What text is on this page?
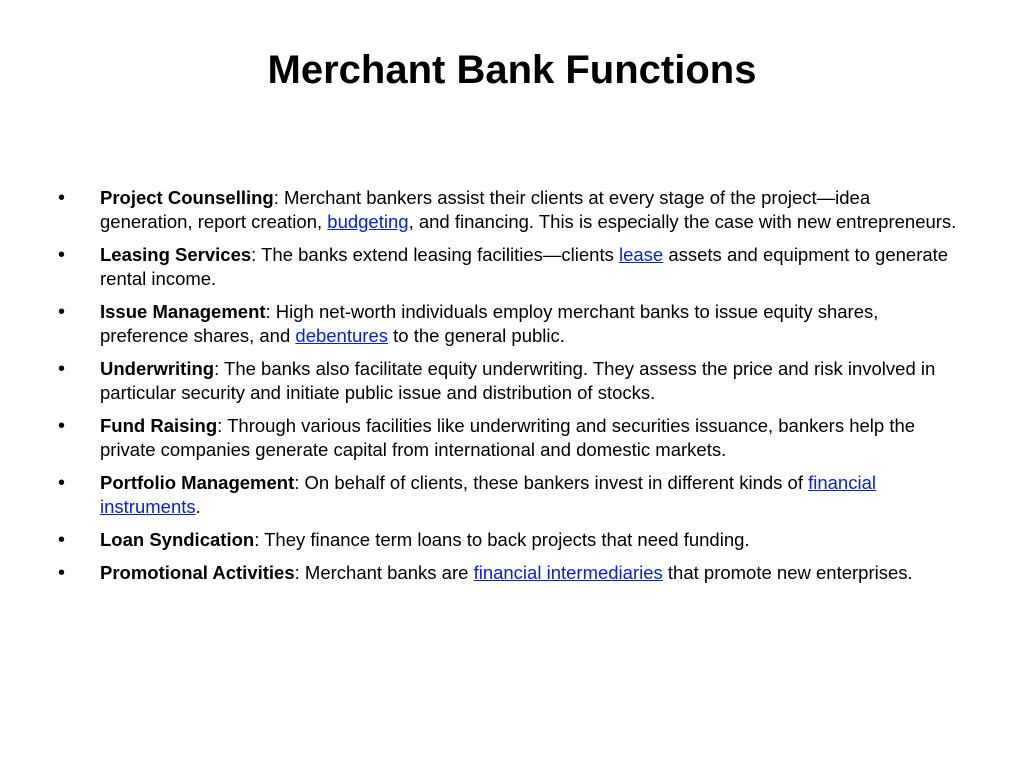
Merchant Bank Functions
• Project Counselling: Merchant bankers assist their clients at every stage of the project—idea generation, report creation, budgeting, and financing. This is especially the case with new entrepreneurs.
• Leasing Services: The banks extend leasing facilities—clients lease assets and equipment to generate rental income.
• Issue Management: High net-worth individuals employ merchant banks to issue equity shares, preference shares, and debentures to the general public.
• Underwriting: The banks also facilitate equity underwriting. They assess the price and risk involved in particular security and initiate public issue and distribution of stocks.
• Fund Raising: Through various facilities like underwriting and securities issuance, bankers help the private companies generate capital from international and domestic markets.
• Portfolio Management: On behalf of clients, these bankers invest in different kinds of financial instruments.
• Loan Syndication: They finance term loans to back projects that need funding.
• Promotional Activities: Merchant banks are financial intermediaries that promote new enterprises.
